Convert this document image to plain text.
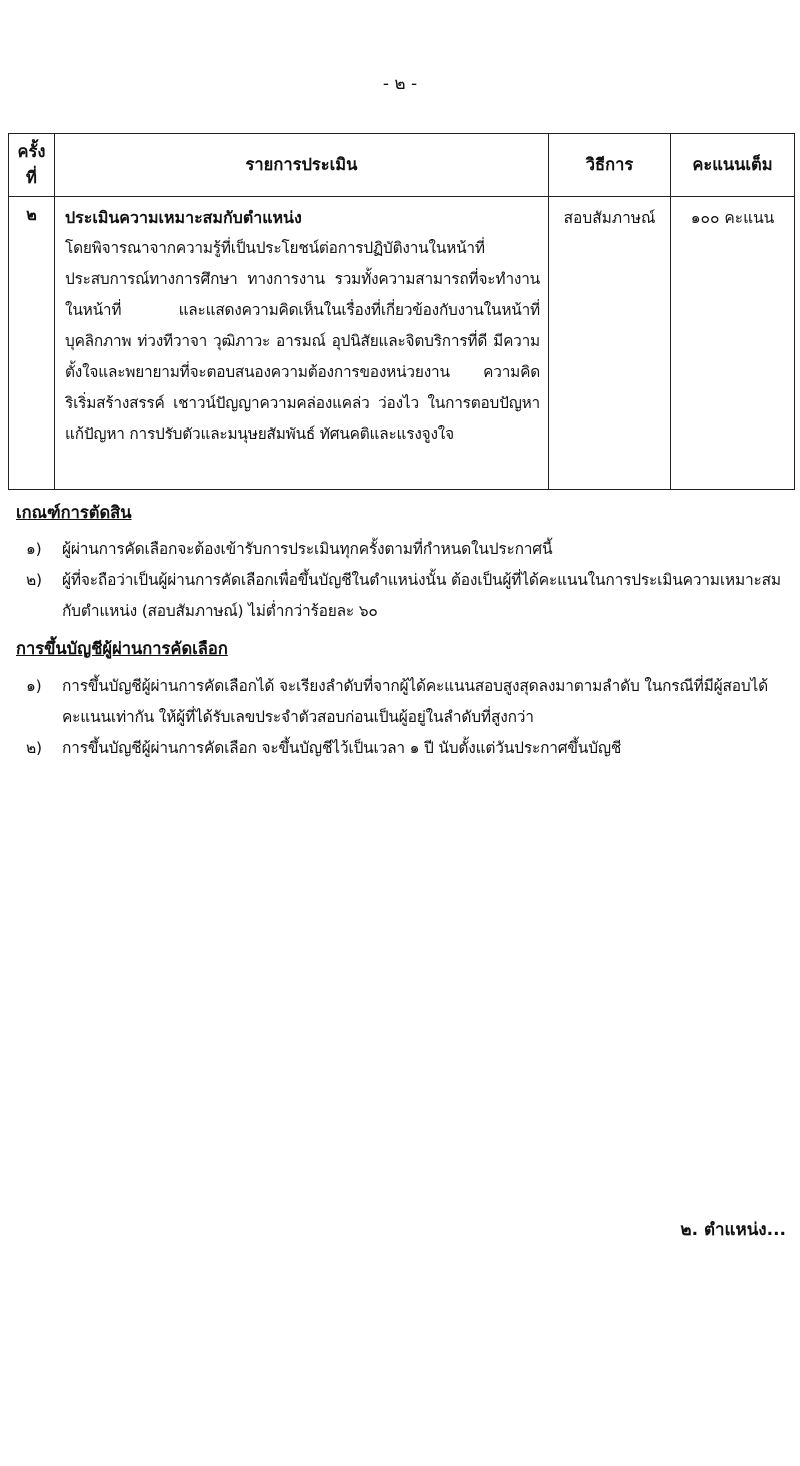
- ๒ -
ครั้ง
ที่	รายการประเมิน	วิธีการ	คะแนนเต็ม
๒	ประเมินความเหมาะสมกับตำแหน่ง
โดยพิจารณาจากความรู้ที่เป็นประโยชน์ต่อการปฏิบัติงานในหน้าที่ ประสบการณ์ทางการศึกษา ทางการงาน รวมทั้งความสามารถที่จะทำงานในหน้าที่ และแสดงความคิดเห็นในเรื่องที่เกี่ยวข้องกับงานในหน้าที่ บุคลิกภาพ ท่วงทีวาจา วุฒิภาวะ อารมณ์ อุปนิสัยและจิตบริการที่ดี มีความตั้งใจและพยายามที่จะตอบสนองความต้องการของหน่วยงาน ความคิดริเริ่มสร้างสรรค์ เชาวน์ปัญญาความคล่องแคล่ว ว่องไว ในการตอบปัญหา แก้ปัญหา การปรับตัวและมนุษยสัมพันธ์ ทัศนคติและแรงจูงใจ	สอบสัมภาษณ์	๑๐๐ คะแนน
เกณฑ์การตัดสิน
๑) ผู้ผ่านการคัดเลือกจะต้องเข้ารับการประเมินทุกครั้งตามที่กำหนดในประกาศนี้
๒) ผู้ที่จะถือว่าเป็นผู้ผ่านการคัดเลือกเพื่อขึ้นบัญชีในตำแหน่งนั้น ต้องเป็นผู้ที่ได้คะแนนในการประเมินความเหมาะสมกับตำแหน่ง (สอบสัมภาษณ์) ไม่ต่ำกว่าร้อยละ ๖๐
การขึ้นบัญชีผู้ผ่านการคัดเลือก
๑) การขึ้นบัญชีผู้ผ่านการคัดเลือกได้ จะเรียงลำดับที่จากผู้ได้คะแนนสอบสูงสุดลงมาตามลำดับ ในกรณีที่มีผู้สอบได้คะแนนเท่ากัน ให้ผู้ที่ได้รับเลขประจำตัวสอบก่อนเป็นผู้อยู่ในลำดับที่สูงกว่า
๒) การขึ้นบัญชีผู้ผ่านการคัดเลือก จะขึ้นบัญชีไว้เป็นเวลา ๑ ปี นับตั้งแต่วันประกาศขึ้นบัญชี
๒. ตำแหน่ง...
